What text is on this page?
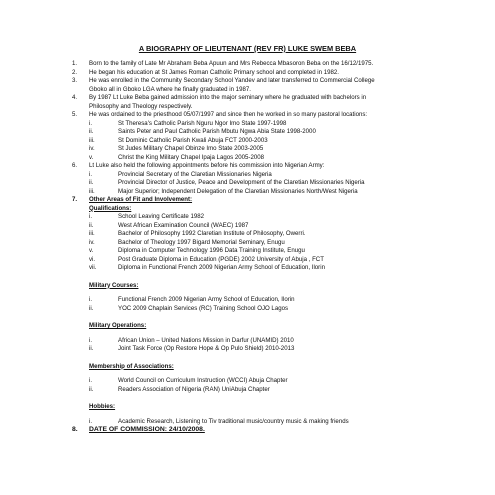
A BIOGRAPHY OF LIEUTENANT (REV FR) LUKE SWEM BEBA
1.	Born to the family of Late Mr Abraham Beba Apuun and Mrs Rebecca Mbasoron Beba on the 16/12/1975.
2.	He began his education at St James Roman Catholic Primary school and completed in 1982.
3.	He was enrolled in the Community Secondary School Yandev and later transferred to Commercial College
Gboko all in Gboko LGA where he finally graduated in 1987.
4.	By 1987 Lt Luke Beba gained admission into the major seminary where he graduated with bachelors in
Philosophy and Theology respectively.
5.	He was ordained to the priesthood 05/07/1997 and since then he worked in so many pastoral locations:
i.	St Theresa's Catholic Parish Nguru Ngor Imo State 1997-1998
ii.	Saints Peter and Paul Catholic Parish Mbutu Ngwa Abia State 1998-2000
iii.	St Dominic Catholic Parish Kwali Abuja FCT 2000-2003
iv.	St Judes Military Chapel Obinze Imo State 2003-2005
v.	Christ the King Military Chapel Ipaja Lagos 2005-2008
6.	Lt Luke also held the following appointments before his commission into Nigerian Army:
i.	Provincial Secretary of the Claretian Missionaries Nigeria
ii.	Provincial Director of Justice, Peace and Development of the Claretian Missionaries Nigeria
iii.	Major Superior; Independent Delegation of the Claretian Missionaries North/West Nigeria
7.	Other Areas of Fit and Involvement:
Qualifications:
i.	School Leaving Certificate 1982
ii.	West African Examination Council (WAEC) 1987
iii.	Bachelor of Philosophy 1992 Claretian Institute of Philosophy, Owerri.
iv.	Bachelor of Theology 1997 Bigard Memorial Seminary, Enugu
v.	Diploma in Computer Technology 1996 Data Training Institute, Enugu
vi.	Post Graduate Diploma in Education (PGDE) 2002 University of Abuja , FCT
vii.	Diploma in Functional French 2009 Nigerian Army School of Education, Ilorin
Military Courses:
i.	Functional French 2009 Nigerian Army School of Education, Ilorin
ii.	YOC 2009 Chaplain Services (RC) Training School OJO Lagos
Military Operations:
i.	African Union – United Nations Mission in Darfur (UNAMID) 2010
ii.	Joint Task Force (Op Restore Hope & Op Pulo Shield) 2010-2013
Membership of Associations:
i.	World Council on Curriculum Instruction (WCCI) Abuja Chapter
ii.	Readers Association of Nigeria (RAN) UniAbuja Chapter
Hobbies:
i.	Academic Research, Listening to Tiv traditional music/country music & making friends
8.	DATE OF COMMISSION: 24/10/2008.
